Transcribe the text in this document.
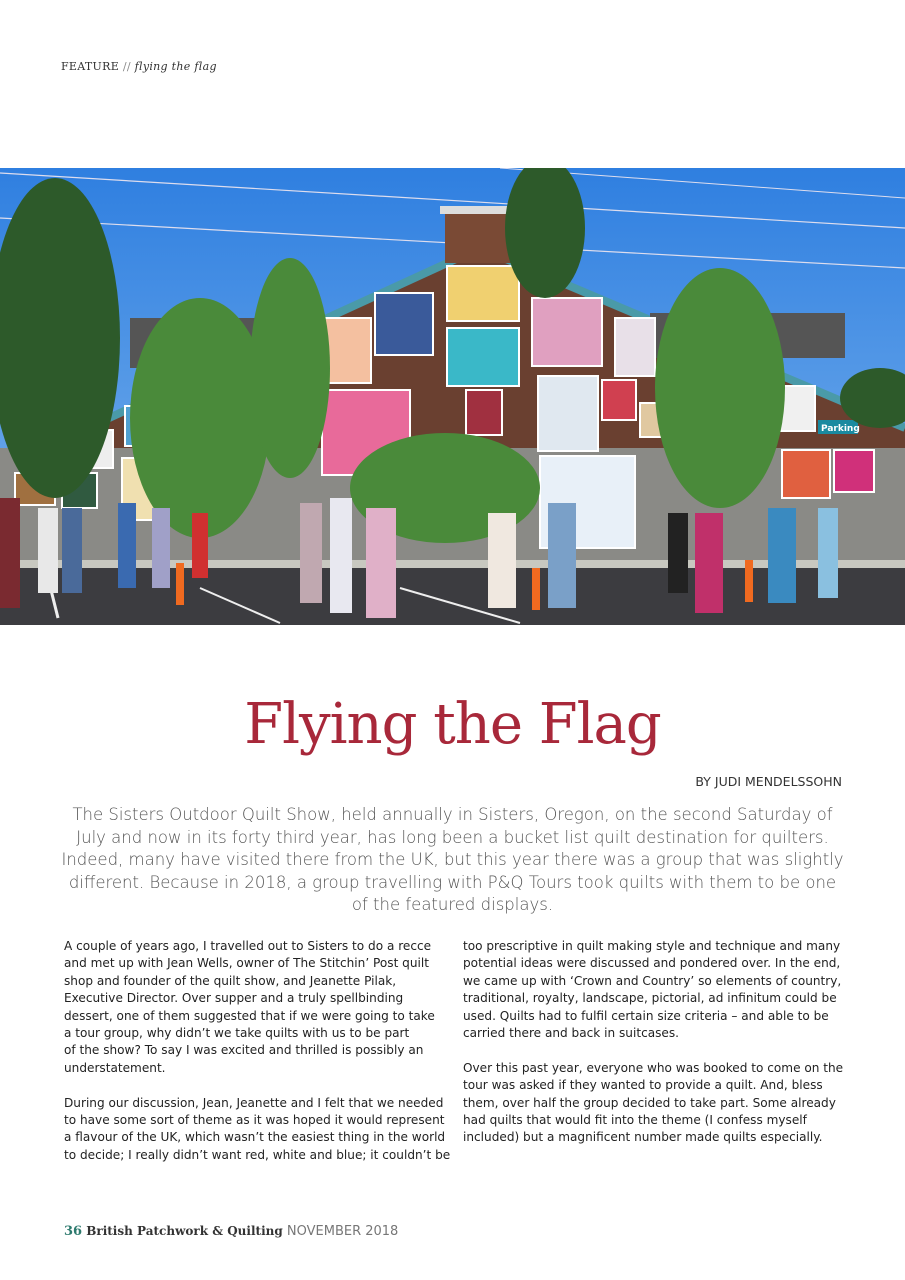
FEATURE // flying the flag
Parking
Flying the Flag
BY JUDI MENDELSSOHN
The Sisters Outdoor Quilt Show, held annually in Sisters, Oregon, on the second Saturday of
July and now in its forty third year, has long been a bucket list quilt destination for quilters.
Indeed, many have visited there from the UK, but this year there was a group that was slightly
different. Because in 2018, a group travelling with P&Q Tours took quilts with them to be one
of the featured displays.

A couple of years ago, I travelled out to Sisters to do a recce
and met up with Jean Wells, owner of The Stitchin’ Post quilt
shop and founder of the quilt show, and Jeanette Pilak,
Executive Director. Over supper and a truly spellbinding
dessert, one of them suggested that if we were going to take
a tour group, why didn’t we take quilts with us to be part
of the show? To say I was excited and thrilled is possibly an
understatement.

During our discussion, Jean, Jeanette and I felt that we needed
to have some sort of theme as it was hoped it would represent
a flavour of the UK, which wasn’t the easiest thing in the world
to decide; I really didn’t want red, white and blue; it couldn’t be

too prescriptive in quilt making style and technique and many
potential ideas were discussed and pondered over. In the end,
we came up with ‘Crown and Country’ so elements of country,
traditional, royalty, landscape, pictorial, ad infinitum could be
used. Quilts had to fulfil certain size criteria – and able to be
carried there and back in suitcases.

Over this past year, everyone who was booked to come on the
tour was asked if they wanted to provide a quilt. And, bless
them, over half the group decided to take part. Some already
had quilts that would fit into the theme (I confess myself
included) but a magnificent number made quilts especially.

36 British Patchwork & Quilting NOVEMBER 2018
